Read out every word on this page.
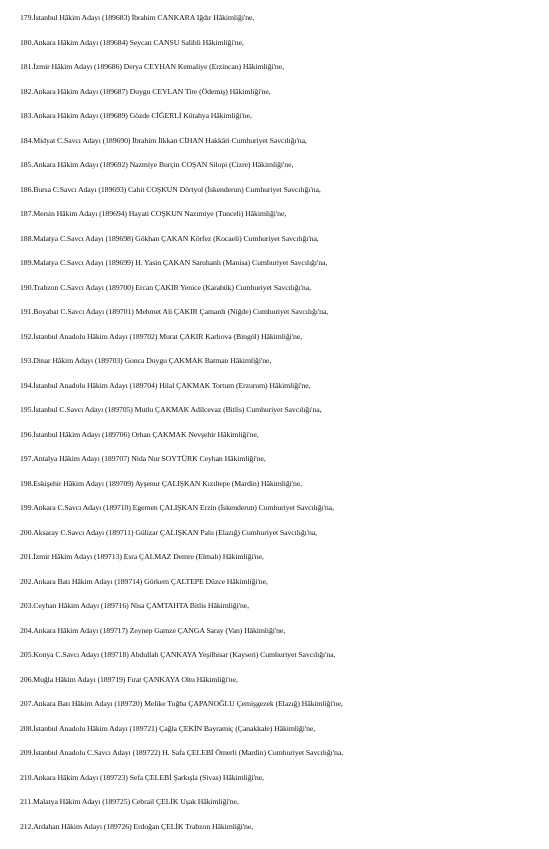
179.İstanbul Hâkim Adayı (189683) İbrahim CANKARA Iğdır Hâkimliği'ne,
180.Ankara Hâkim Adayı (189684) Seycan CANSU Salihli Hâkimliği'ne,
181.İzmir Hâkim Adayı (189686) Derya CEYHAN Kemaliye (Erzincan) Hâkimliği'ne,
182.Ankara Hâkim Adayı (189687) Duygu CEYLAN Tire (Ödemiş) Hâkimliği'ne,
183.Ankara Hâkim Adayı (189689) Gözde CİĞERLİ Kütahya Hâkimliği'ne,
184.Midyat C.Savcı Adayı (189690) İbrahim İlkkan CİHAN Hakkâri Cumhuriyet Savcılığı'na,
185.Ankara Hâkim Adayı (189692) Nazmiye Burçin COŞAN Silopi (Cizre) Hâkimliği'ne,
186.Bursa C.Savcı Adayı (189693) Cahit COŞKUN Dörtyol (İskenderun) Cumhuriyet Savcılığı'na,
187.Mersin Hâkim Adayı (189694) Hayati COŞKUN Nazımiye (Tunceli) Hâkimliği'ne,
188.Malatya C.Savcı Adayı (189698) Gökhan ÇAKAN Körfez (Kocaeli) Cumhuriyet Savcılığı'na,
189.Malatya C.Savcı Adayı (189699) H. Yasin ÇAKAN Saruhanlı (Manisa) Cumhuriyet Savcılığı'na,
190.Trabzon C.Savcı Adayı (189700) Ercan ÇAKIR Yenice (Karabük) Cumhuriyet Savcılığı'na,
191.Boyabat C.Savcı Adayı (189701) Mehmet Ali ÇAKIR Çamardı (Niğde) Cumhuriyet Savcılığı'na,
192.İstanbul Anadolu Hâkim Adayı (189702) Murat ÇAKIR Karlıova (Bingöl) Hâkimliği'ne,
193.Dinar Hâkim Adayı (189703) Gonca Duygu ÇAKMAK Batman Hâkimliği'ne,
194.İstanbul Anadolu Hâkim Adayı (189704) Hilal ÇAKMAK Tortum (Erzurum) Hâkimliği'ne,
195.İstanbul C.Savcı Adayı (189705) Mutlu ÇAKMAK Adilcevaz (Bitlis) Cumhuriyet Savcılığı'na,
196.İstanbul Hâkim Adayı (189706) Orhan ÇAKMAK Nevşehir Hâkimliği'ne,
197.Antalya Hâkim Adayı (189707) Nida Nur SOYTÜRK Ceyhan Hâkimliği'ne,
198.Eskişehir Hâkim Adayı (189709) Ayşenur ÇALIŞKAN Kızıltepe (Mardin) Hâkimliği'ne,
199.Ankara C.Savcı Adayı (189710) Egemen ÇALIŞKAN Erzin (İskenderun) Cumhuriyet Savcılığı'na,
200.Aksaray C.Savcı Adayı (189711) Gülizar ÇALIŞKAN Palu (Elazığ) Cumhuriyet Savcılığı'na,
201.İzmir Hâkim Adayı (189713) Esra ÇALMAZ Demre (Elmalı) Hâkimliği'ne,
202.Ankara Batı Hâkim Adayı (189714) Görkem ÇALTEPE Düzce Hâkimliği'ne,
203.Ceyhan Hâkim Adayı (189716) Nisa ÇAMTAHTA Bitlis Hâkimliği'ne,
204.Ankara Hâkim Adayı (189717) Zeynep Gamze ÇANGA Saray (Van) Hâkimliği'ne,
205.Konya C.Savcı Adayı (189718) Abdullah ÇANKAYA Yeşilhisar (Kayseri) Cumhuriyet Savcılığı'na,
206.Muğla Hâkim Adayı (189719) Fırat ÇANKAYA Oltu Hâkimliği'ne,
207.Ankara Batı Hâkim Adayı (189720) Melike Tuğba ÇAPANOĞLU Çemişgezek (Elazığ) Hâkimliği'ne,
208.İstanbul Anadolu Hâkim Adayı (189721) Çağla ÇEKİN Bayramiç (Çanakkale) Hâkimliği'ne,
209.İstanbul Anadolu C.Savcı Adayı (189722) H. Safa ÇELEBİ Ömerli (Mardin) Cumhuriyet Savcılığı'na,
210.Ankara Hâkim Adayı (189723) Sefa ÇELEBİ Şarkışla (Sivas) Hâkimliği'ne,
211.Malatya Hâkim Adayı (189725) Cebrail ÇELİK Uşak Hâkimliği'ne,
212.Ardahan Hâkim Adayı (189726) Erdoğan ÇELİK Trabzon Hâkimliği'ne,
